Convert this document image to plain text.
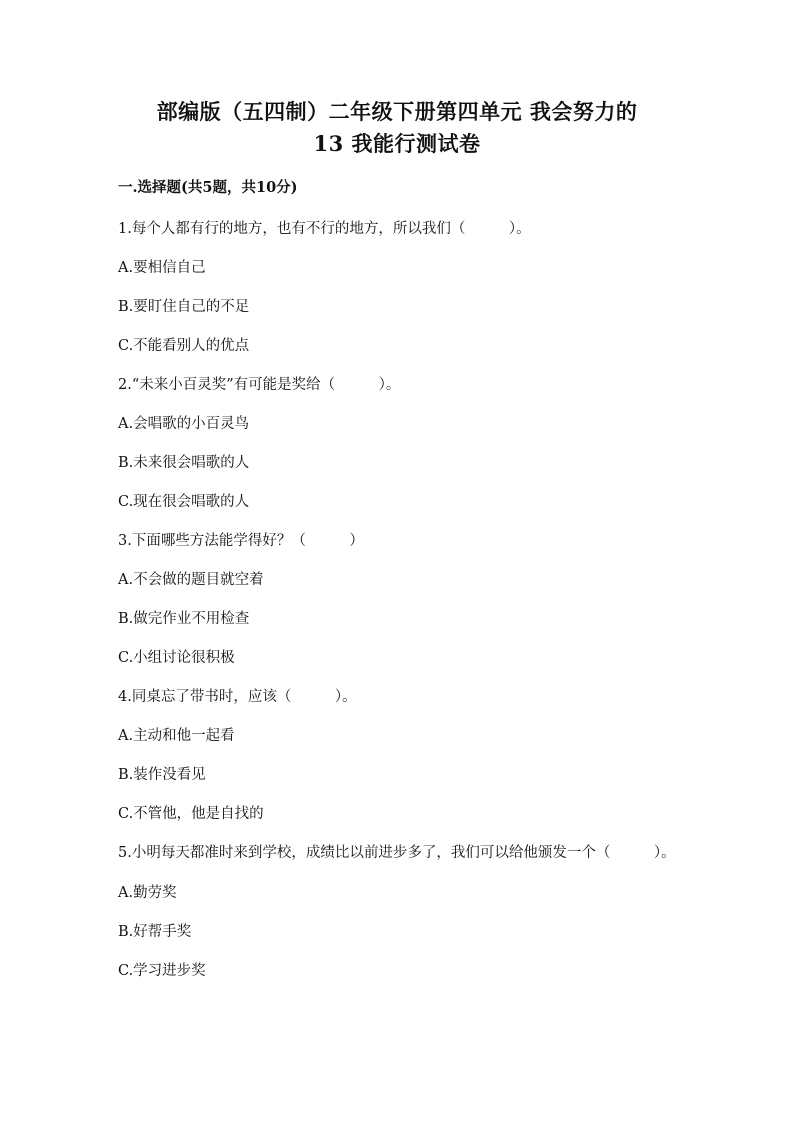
部编版（五四制）二年级下册第四单元 我会努力的
13 我能行测试卷
一.选择题(共5题，共10分)
1.每个人都有行的地方，也有不行的地方，所以我们（　　　）。
A.要相信自己
B.要盯住自己的不足
C.不能看别人的优点
2.“未来小百灵奖”有可能是奖给（　　　）。
A.会唱歌的小百灵鸟
B.未来很会唱歌的人
C.现在很会唱歌的人
3.下面哪些方法能学得好？（　　　）
A.不会做的题目就空着
B.做完作业不用检查
C.小组讨论很积极
4.同桌忘了带书时，应该（　　　）。
A.主动和他一起看
B.装作没看见
C.不管他，他是自找的
5.小明每天都准时来到学校，成绩比以前进步多了，我们可以给他颁发一个（　　　）。
A.勤劳奖
B.好帮手奖
C.学习进步奖
